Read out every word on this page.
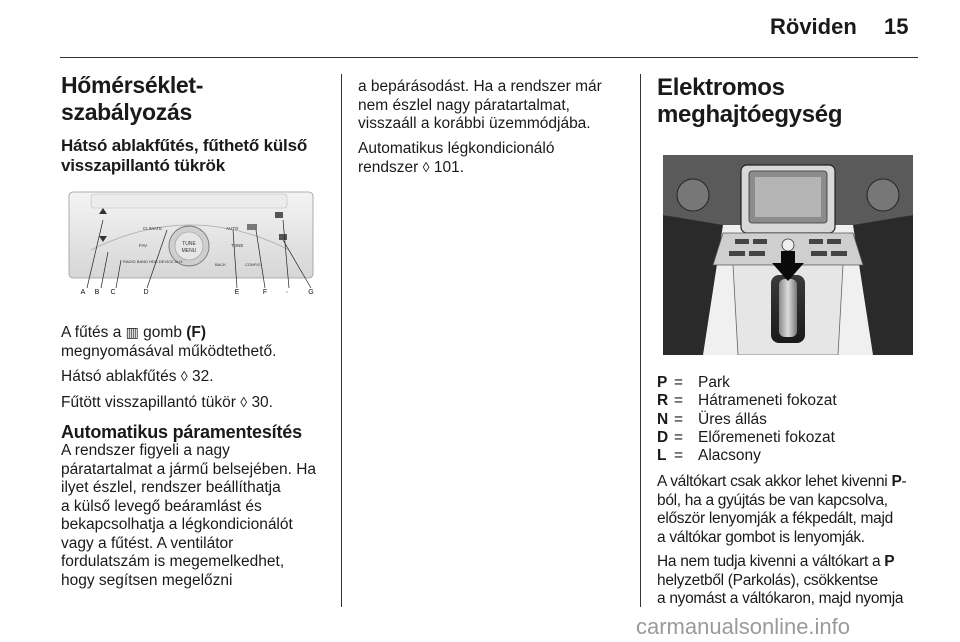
Röviden 15
Hőmérséklet-szabályozás
Hátsó ablakfűtés, fűthető külső
visszapillantó tükrök
TUNE
MENU
CLIMATE	AUTO
FAV	TONE
RADIO BAND HDD DEVICE AUX
BACK	CONFIG
A B C	D	E	F	G
◦

A fűtés a ▥ gomb (F)
megnyomásával működtethető.

Hátsó ablakfűtés ◊ 32.

Fűtött visszapillantó tükör ◊ 30.

Automatikus páramentesítés

A rendszer figyeli a nagy
páratartalmat a jármű belsejében. Ha
ilyet észlel, rendszer beállíthatja
a külső levegő beáramlást és
bekapcsolhatja a légkondicionálót
vagy a fűtést. A ventilátor
fordulatszám is megemelkedhet,
hogy segítsen megelőzni

a bepárásodást. Ha a rendszer már
nem észlel nagy páratartalmat,
visszaáll a korábbi üzemmódjába.

Automatikus légkondicionáló
rendszer ◊ 101.

Elektromos
meghajtóegység
P = Park
R = Hátrameneti fokozat
N = Üres állás
D = Előremeneti fokozat
L = Alacsony

A váltókart csak akkor lehet kivenni P-
ból, ha a gyújtás be van kapcsolva,
először lenyomják a fékpedált, majd
a váltókar gombot is lenyomják.

Ha nem tudja kivenni a váltókart a P
helyzetből (Parkolás), csökkentse
a nyomást a váltókaron, majd nyomja

carmanualsonline.info
